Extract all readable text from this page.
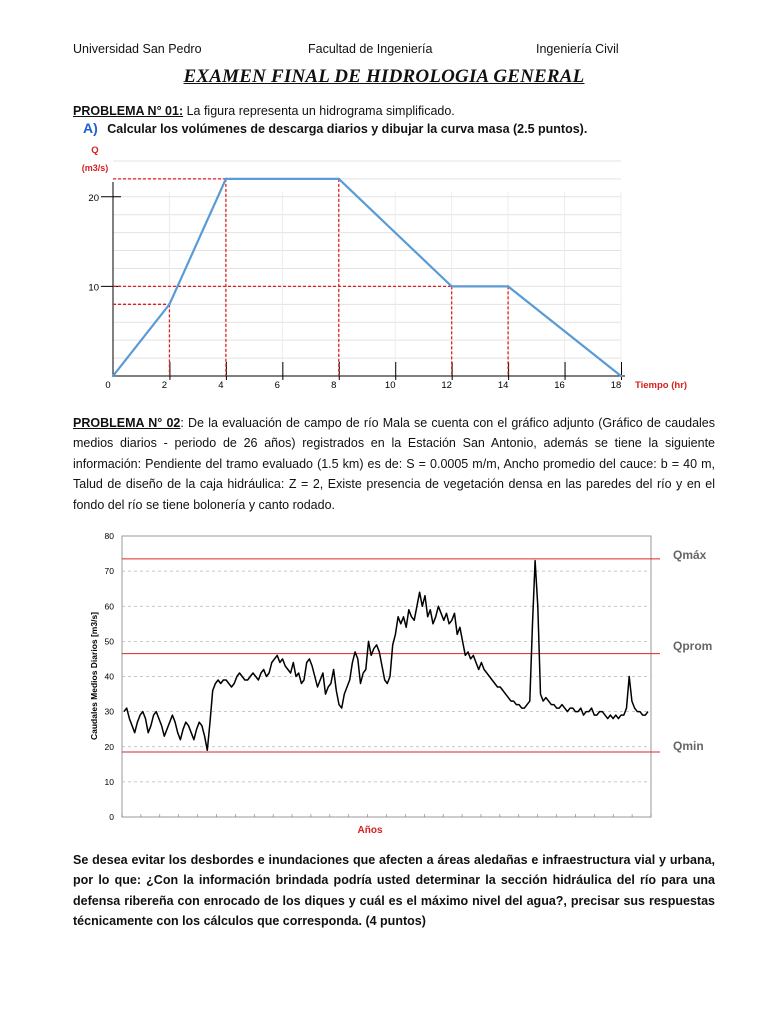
Universidad San Pedro	Facultad de Ingeniería	Ingeniería Civil
EXAMEN FINAL DE HIDROLOGIA GENERAL
PROBLEMA N° 01: La figura representa un hidrograma simplificado.
A) Calcular los volúmenes de descarga diarios y dibujar la curva masa (2.5 puntos).
10
20
0	2	4	6	8	10	12	14	16	18
Q
(m3/s)
Tiempo (hr)
PROBLEMA N° 02: De la evaluación de campo de río Mala se cuenta con el gráfico adjunto (Gráfico de caudales medios diarios - periodo de 26 años) registrados en la Estación San Antonio, además se tiene la siguiente información: Pendiente del tramo evaluado (1.5 km) es de: S = 0.0005 m/m, Ancho promedio del cauce: b = 40 m, Talud de diseño de la caja hidráulica: Z = 2, Existe presencia de vegetación densa en las paredes del río y en el fondo del río se tiene bolonería y canto rodado.
0
10
20
30
40
50
60
70
80
Qmáx
Qprom
Qmin
Años
Caudales Medios Diarios [m3/s]
Se desea evitar los desbordes e inundaciones que afecten a áreas aledañas e infraestructura vial y urbana, por lo que: ¿Con la información brindada podría usted determinar la sección hidráulica del río para una defensa ribereña con enrocado de los diques y cuál es el máximo nivel del agua?, precisar sus respuestas técnicamente con los cálculos que corresponda. (4 puntos)
